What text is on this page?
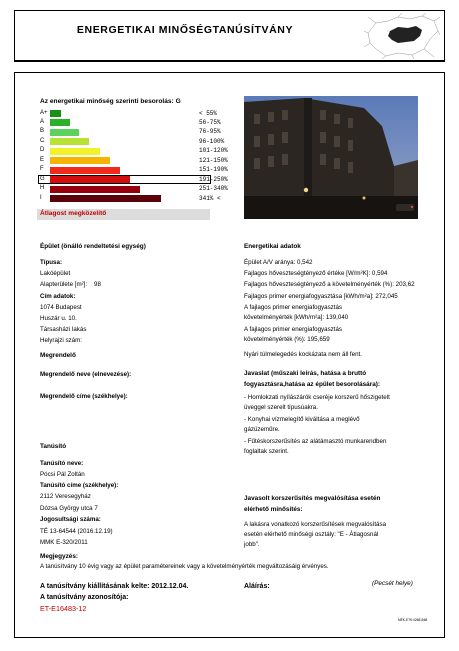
ENERGETIKAI MINŐSÉGTANÚSÍTVÁNY
Az energetikai minőség szerinti besorolás: G
A+	< 55%
A	56-75%
B	76-95%
C	96-100%
D	101-120%
E	121-150%
F	151-190%
G	191-250%
H	251-340%
I	341% <
Átlagost megközelítő
Épület (önálló rendeltetési egység)
Típusa:
Lakóépület
Alapterülete [m²]: 98
Cím adatok:
1074 Budapest
Huszár u. 10.
Társasházi lakás
Helyrajzi szám:
Energetikai adatok
Épület A/V aránya: 0,542
Fajlagos hőveszteségtényező értéke [W/m²K]: 0,594
Fajlagos hőveszteségtényező a követelményérték (%): 203,62
Fajlagos primer energiafogyasztása [kWh/m²a]: 272,045
A fajlagos primer energiafogyasztás
követelményérték [kWh/m²a]: 139,040
A fajlagos primer energiafogyasztás
követelményérték (%): 195,659
Nyári túlmelegedés kockázata nem áll fent.
Megrendelő
Megrendelő neve (elnevezése):
Megrendelő címe (székhelye):
Javaslat (műszaki leírás, hatása a bruttó
fogyasztásra,hatása az épület besorolására):
- Homlokzati nyílászárók cseréje korszerű hőszigetelt
üveggel szerelt típusúakra.
- Konyhai vízmelegítő kiváltása a meglévő
gázüzeműre.
- Fűtéskorszerűsítés az alátámasztó munkarendben
foglaltak szerint.
Tanúsító
Tanúsító neve:
Pócsi Pál Zoltán
Tanúsító címe (székhelye):
2112 Veresegyház
Dózsa György utca 7
Jogosultsági száma:
TÉ 13-64544 (2016.12.19)
MMK E-320/2011
Javasolt korszerűsítés megvalósítása esetén
elérhető minősítés:
A lakásra vonatkozó korszerűsítések megvalósítása
esetén elérhető minőségi osztály: "E - Átlagosnál
jobb".
Megjegyzés:
A tanúsítvány 10 évig vagy az épület paramétereinek vagy a követelményérték megváltozásáig érvényes.
A tanúsítvány kiállításának kelte: 2012.12.04.	Aláírás:	(Pecsét helye)
A tanúsítvány azonosítója:
ET-E16483-12
MÉK-ETK:42681568
